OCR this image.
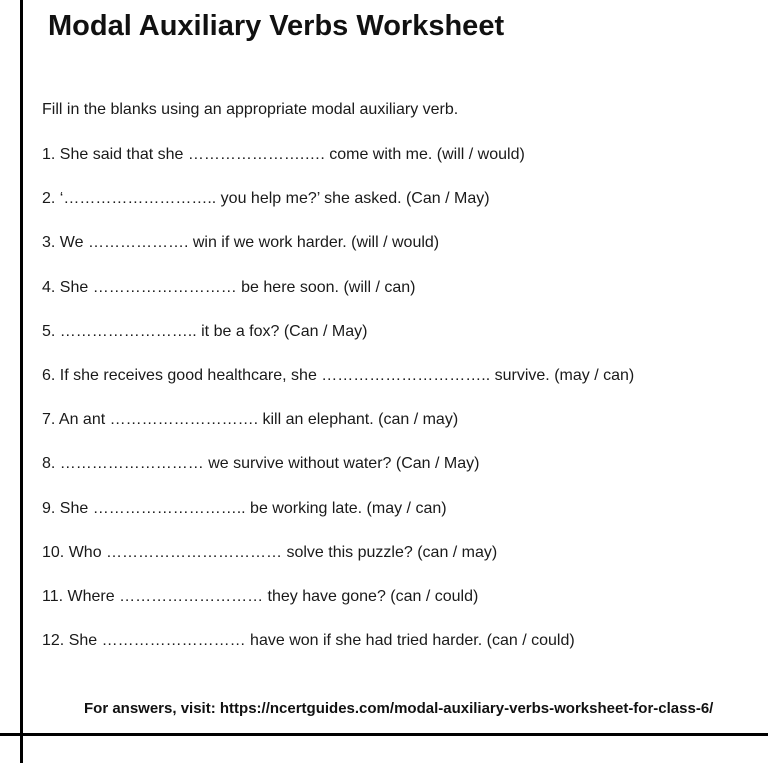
Modal Auxiliary Verbs Worksheet
Fill in the blanks using an appropriate modal auxiliary verb.
1. She said that she ………………….…. come with me. (will / would)
2. ‘……………………….. you help me?’ she asked. (Can / May)
3. We ………………. win if we work harder. (will / would)
4. She ……………………… be here soon. (will / can)
5. …………………….. it be a fox? (Can / May)
6. If she receives good healthcare, she ………………………….. survive. (may / can)
7. An ant ………………………. kill an elephant. (can / may)
8. ……………………… we survive without water? (Can / May)
9. She ……………………….. be working late. (may / can)
10. Who …………………………… solve this puzzle? (can / may)
11. Where ……………………… they have gone? (can / could)
12. She ……………………… have won if she had tried harder. (can / could)
For answers, visit: https://ncertguides.com/modal-auxiliary-verbs-worksheet-for-class-6/
